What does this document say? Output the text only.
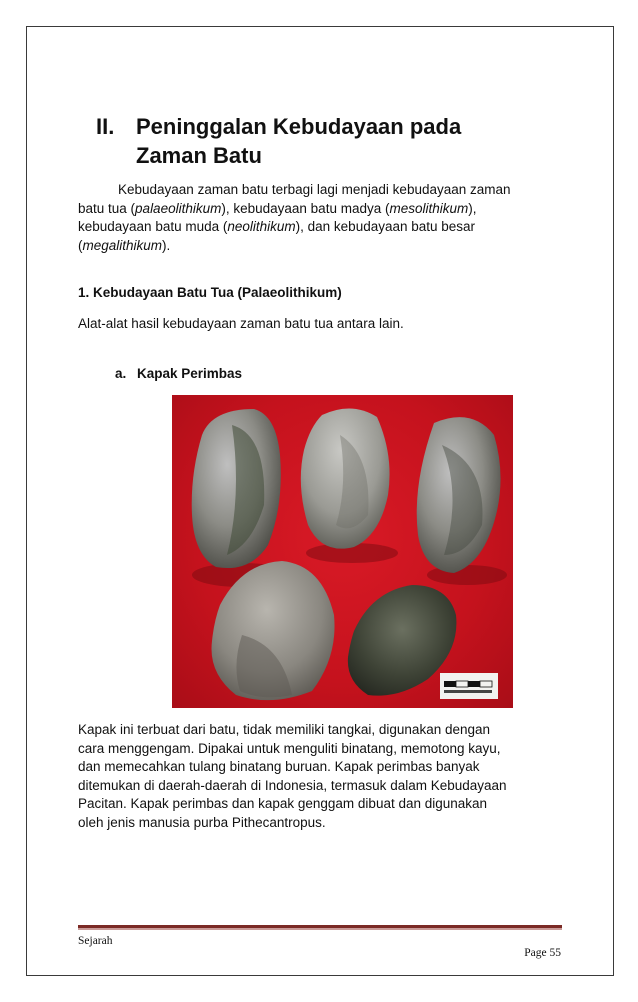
II. Peninggalan Kebudayaan pada
Zaman Batu

Kebudayaan zaman batu terbagi lagi menjadi kebudayaan zaman
batu tua (palaeolithikum), kebudayaan batu madya (mesolithikum),
kebudayaan batu muda (neolithikum), dan kebudayaan batu besar
(megalithikum).

1. Kebudayaan Batu Tua (Palaeolithikum)

Alat-alat hasil kebudayaan zaman batu tua antara lain.

a. Kapak Perimbas

Kapak ini terbuat dari batu, tidak memiliki tangkai, digunakan dengan
cara menggengam. Dipakai untuk menguliti binatang, memotong kayu,
dan memecahkan tulang binatang buruan. Kapak perimbas banyak
ditemukan di daerah-daerah di Indonesia, termasuk dalam Kebudayaan
Pacitan. Kapak perimbas dan kapak genggam dibuat dan digunakan
oleh jenis manusia purba Pithecantropus.

Sejarah
Page 55
